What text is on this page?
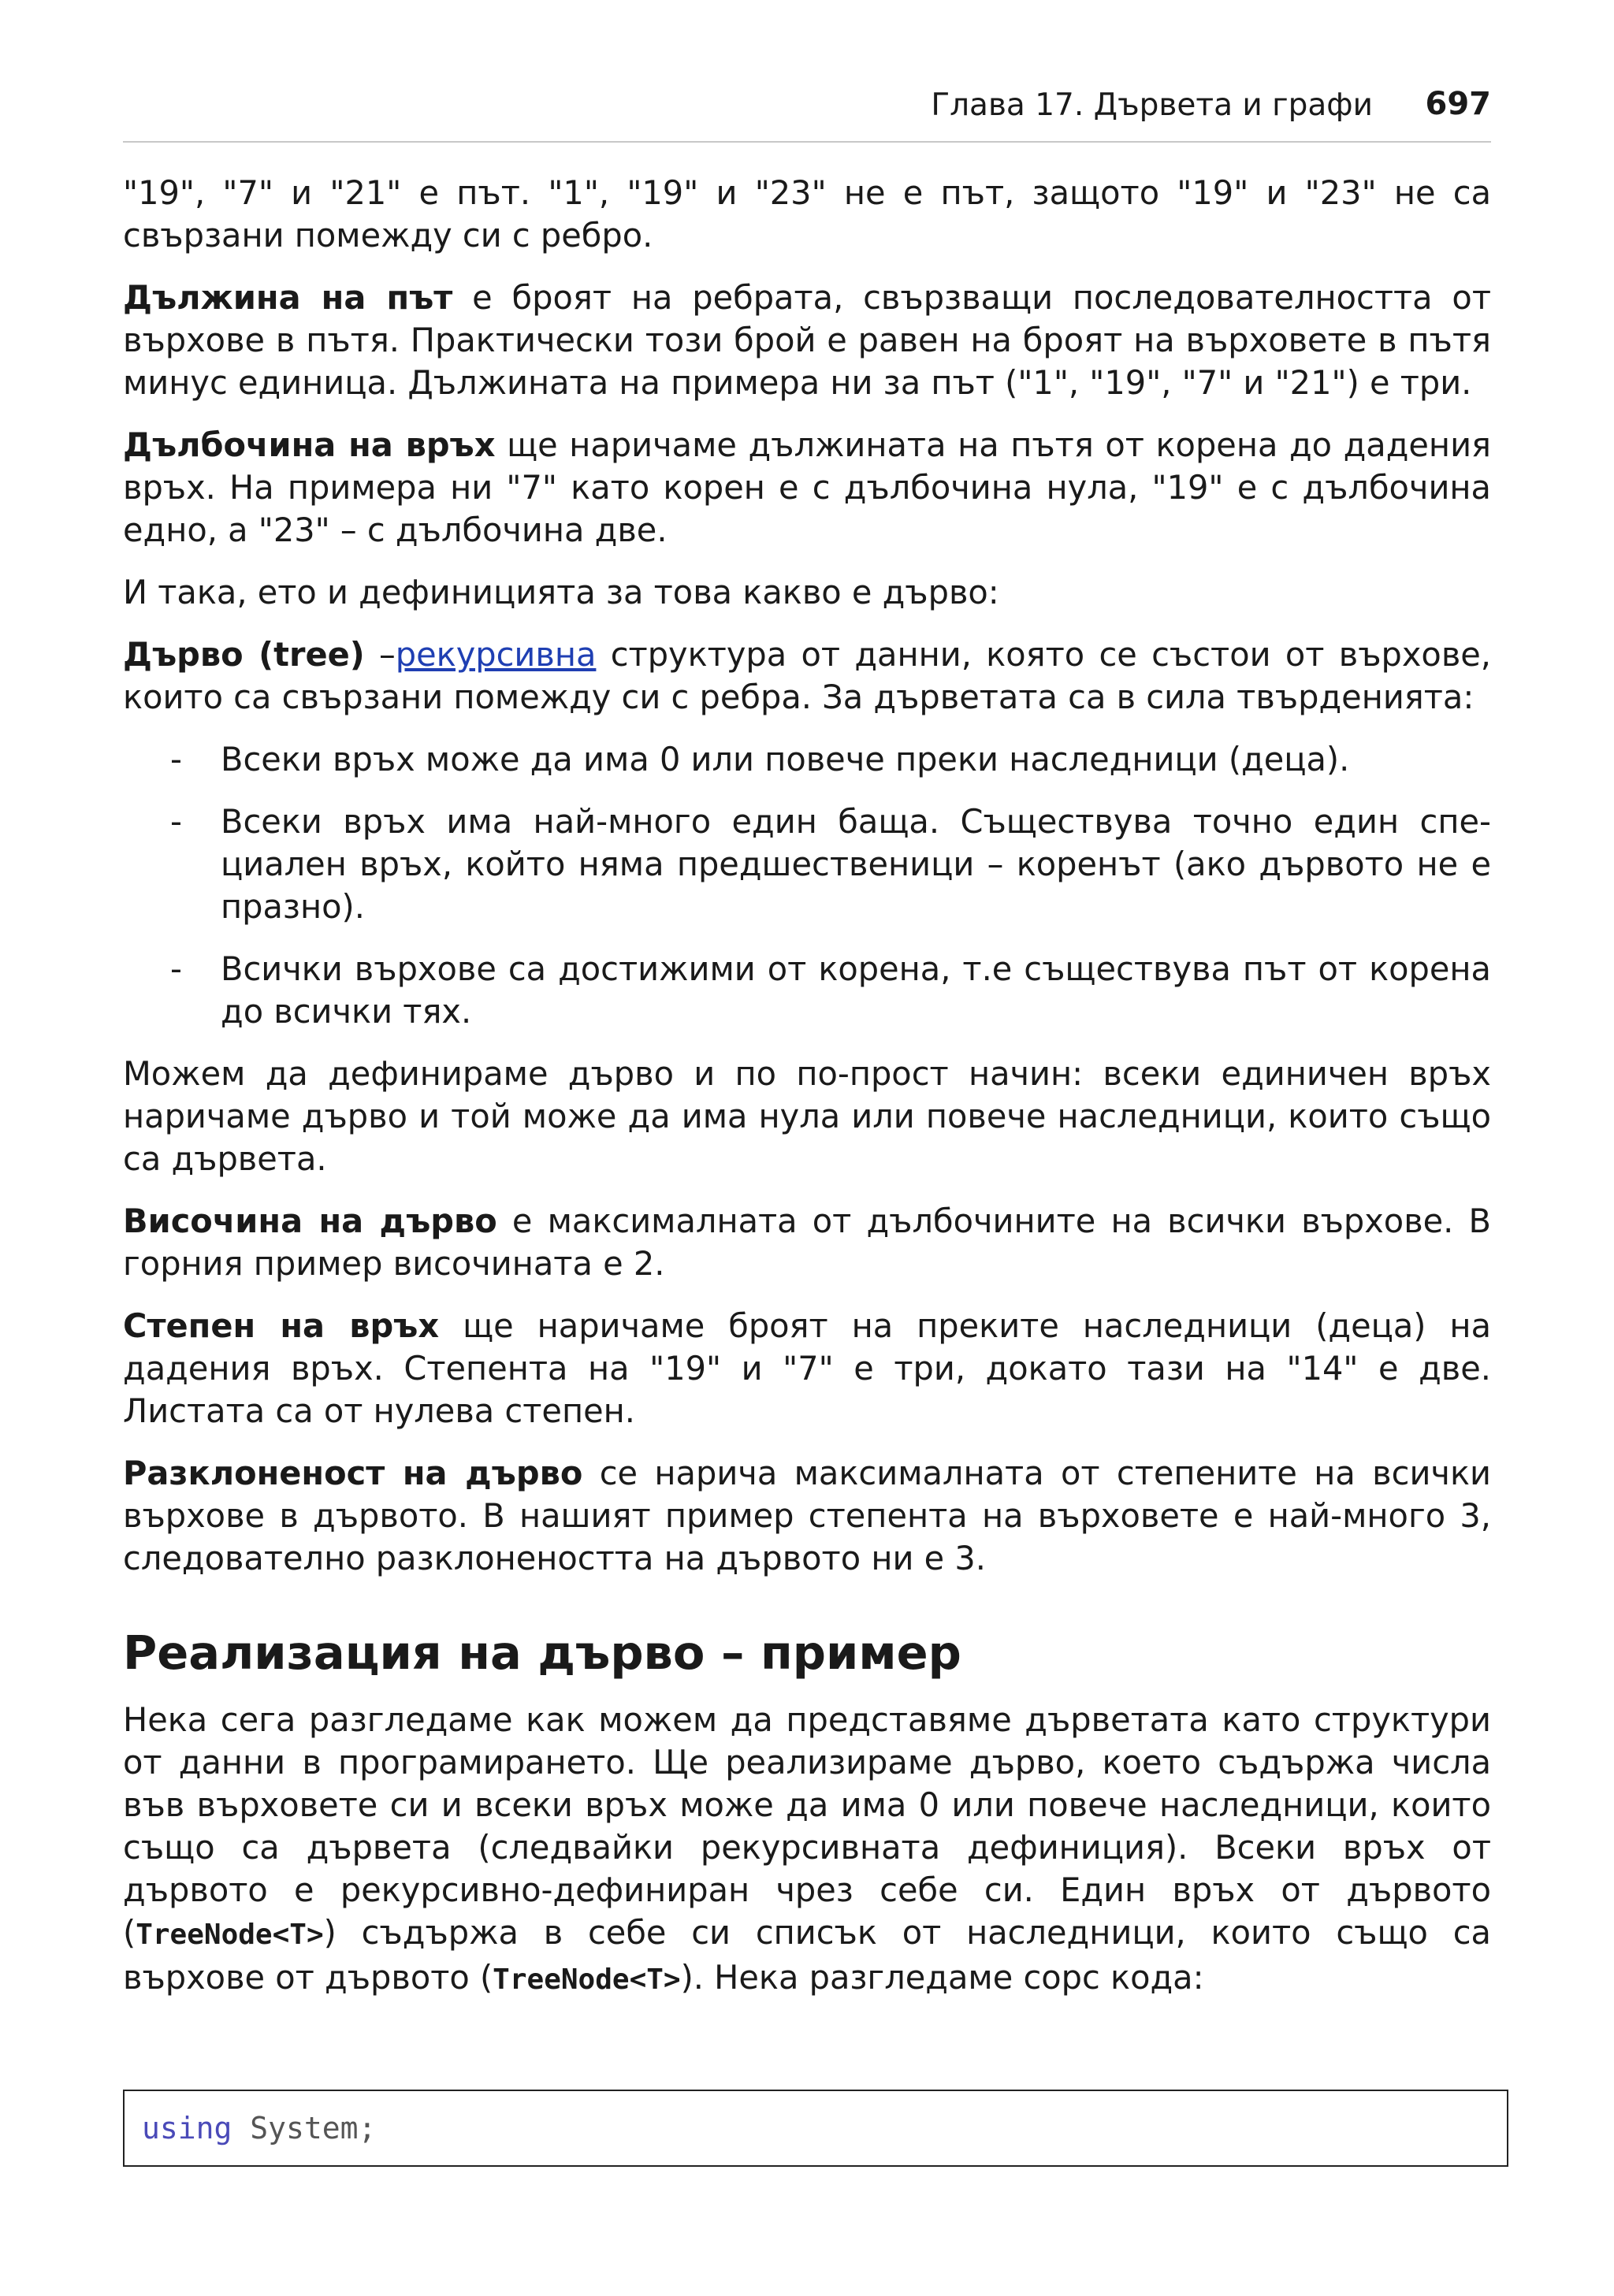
Глава 17. Дървета и графи 697

"19", "7" и "21" е път. "1", "19" и "23" не е път, защото "19" и "23" не са свързани помежду си с ребро.

Дължина на път е броят на ребрата, свързващи последователността от върхове в пътя. Практически този брой е равен на броят на върховете в пътя минус единица. Дължината на примера ни за път ("1", "19", "7" и "21") е три.

Дълбочина на връх ще наричаме дължината на пътя от корена до дадения връх. На примера ни "7" като корен е с дълбочина нула, "19" е с дълбочина едно, а "23" – с дълбочина две.

И така, ето и дефиницията за това какво е дърво:

Дърво (tree) –рекурсивна структура от данни, която се състои от върхове, които са свързани помежду си с ребра. За дърветата са в сила твърденията:

- Всеки връх може да има 0 или повече преки наследници (деца).
- Всеки връх има най-много един баща. Съществува точно един специален връх, който няма предшественици – коренът (ако дървото не е празно).
- Всички върхове са достижими от корена, т.е съществува път от корена до всички тях.

Можем да дефинираме дърво и по по-прост начин: всеки единичен връх наричаме дърво и той може да има нула или повече наследници, които също са дървета.

Височина на дърво е максималната от дълбочините на всички върхове. В горния пример височината е 2.

Степен на връх ще наричаме броят на преките наследници (деца) на дадения връх. Степента на "19" и "7" е три, докато тази на "14" е две. Листата са от нулева степен.

Разклоненост на дърво се нарича максималната от степените на всички върхове в дървото. В нашият пример степента на върховете е най-много 3, следователно разклонеността на дървото ни е 3.

Реализация на дърво – пример

Нека сега разгледаме как можем да представяме дърветата като структури от данни в програмирането. Ще реализираме дърво, което съдържа числа във върховете си и всеки връх може да има 0 или повече наследници, които също са дървета (следвайки рекурсивната дефиниция). Всеки връх от дървото е рекурсивно-дефиниран чрез себе си. Един връх от дървото (TreeNode<T>) съдържа в себе си списък от наследници, които също са върхове от дървото (TreeNode<T>). Нека разгледаме сорс кода:

using System;
